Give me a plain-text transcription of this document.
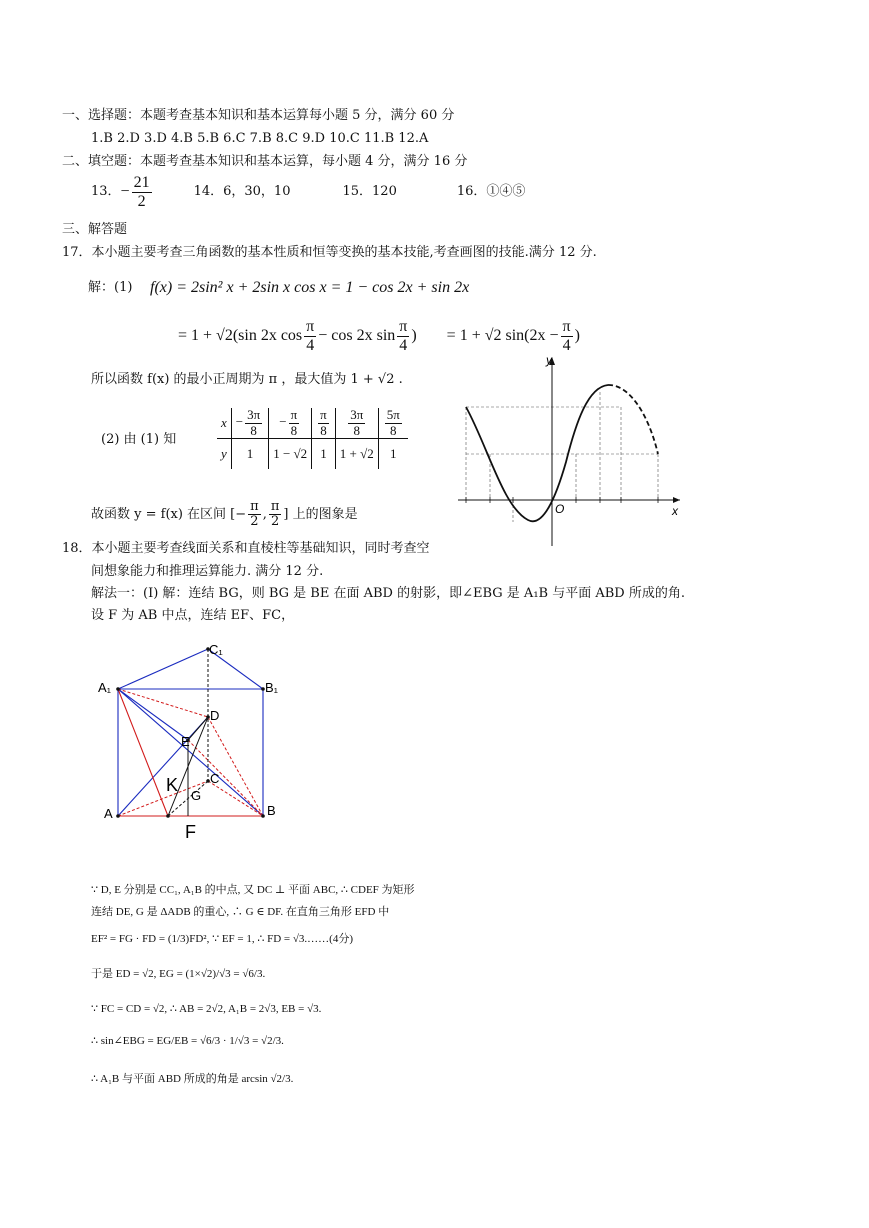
一、选择题：本题考查基本知识和基本运算每小题 5 分，满分 60 分
1.B 2.D 3.D 4.B 5.B 6.C 7.B 8.C 9.D 10.C 11.B 12.A
二、填空题：本题考查基本知识和基本运算，每小题 4 分，满分 16 分
13． − $\frac{21}{2}$	14．6，30，10	15．120	16．①④⑤
三、解答题
17．本小题主要考查三角函数的基本性质和恒等变换的基本技能,考查画图的技能.满分 12 分.
解：(1) f(x) = 2sin² x + 2sin x cos x = 1 − cos 2x + sin 2x
= 1 + √2(sin 2x $\cos \frac{\pi}{4} - \cos 2x$ $\sin \frac{\pi}{4}$ ) = 1 + √2 $\sin(2x - \frac{\pi}{4}$ )
所以函数 f(x) 的最小正周期为 π ，最大值为 1 + √2 .
(2) 由 (1) 知
x	− $\frac{3\pi}{8}$	− $\frac{\pi}{8}$	$\frac{\pi}{8}$	$\frac{3\pi}{8}$	$\frac{5\pi}{8}$

y	1	1 − √2	1	1 + √2	1
故函数 y = f(x) 在区间 [− $\frac{\pi}{2}$ , $\frac{\pi}{2}$ ] 上的图象是
y
x
O
18．本小题主要考查线面关系和直棱柱等基础知识，同时考查空
间想象能力和推理运算能力. 满分 12 分.
解法一：(Ⅰ) 解：连结 BG，则 BG 是 BE 在面 ABD 的射影，即∠EBG 是 A₁B 与平面 ABD 所成的角.
设 F 为 AB 中点，连结 EF、FC，
C₁
A₁	B₁
D
E
K C
G
A	B
F
∵ D, E 分别是 CC₁, A₁B 的中点, 又 DC ⊥ 平面 ABC, ∴ CDEF 为矩形
连结 DE, G 是 ΔADB 的重心, ∴ G ∈ DF. 在直角三角形 EFD 中
EF² = FG · FD = (1/3)FD², ∵ EF = 1, ∴ FD = √3.……(4分)
于是 ED = √2, EG = (1×√2)/√3 = √6/3.
∵ FC = CD = √2, ∴ AB = 2√2, A₁B = 2√3, EB = √3.
∴ sin∠EBG = EG/EB = √6/3 · 1/√3 = √2/3.
∴ A₁B 与平面 ABD 所成的角是 arcsin √2/3.
